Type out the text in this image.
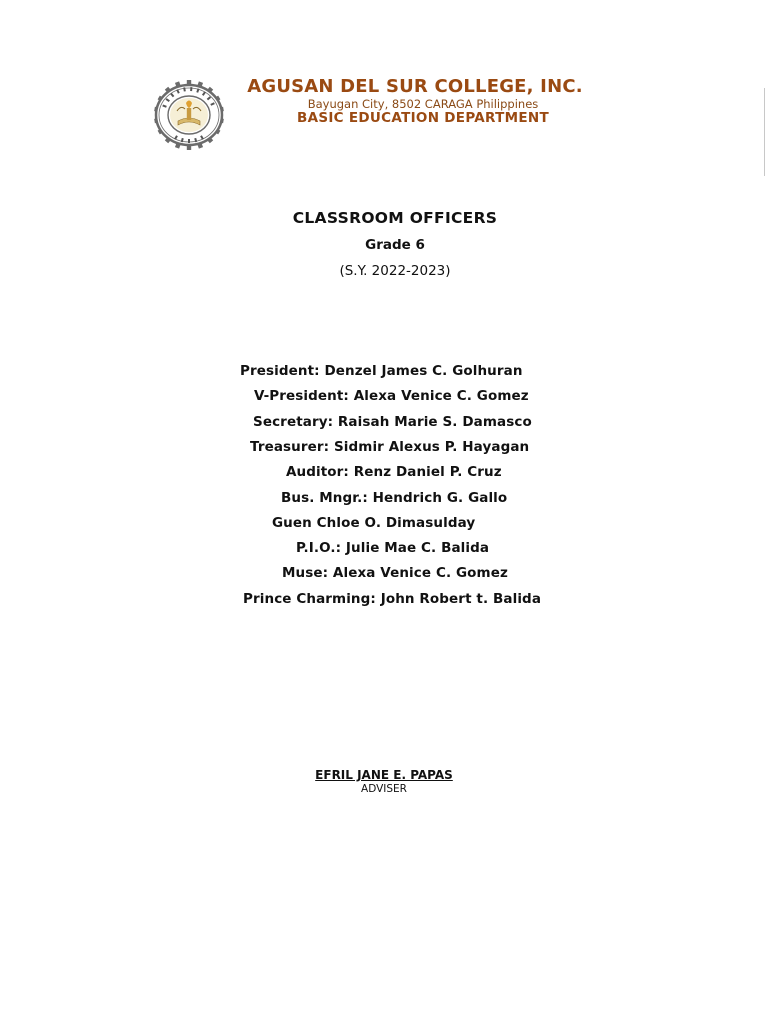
AGUSAN DEL SUR COLLEGE, INC.
Bayugan City, 8502 CARAGA Philippines
BASIC EDUCATION DEPARTMENT
CLASSROOM OFFICERS
Grade 6
(S.Y. 2022-2023)
President: Denzel James C. Golhuran
V-President: Alexa Venice C. Gomez
Secretary: Raisah Marie S. Damasco
Treasurer: Sidmir Alexus P. Hayagan
Auditor: Renz Daniel P. Cruz
Bus. Mngr.: Hendrich G. Gallo
Guen Chloe O. Dimasulday
P.I.O.: Julie Mae C. Balida
Muse: Alexa Venice C. Gomez
Prince Charming: John Robert t. Balida
EFRIL JANE E. PAPAS
ADVISER
